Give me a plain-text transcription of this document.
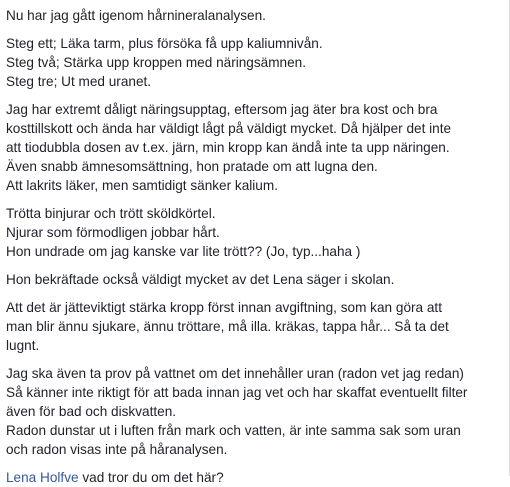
Nu har jag gått igenom hårnineralanalysen.

Steg ett; Läka tarm, plus försöka få upp kaliumnivån.
Steg två; Stärka upp kroppen med näringsämnen.
Steg tre; Ut med uranet.

Jag har extremt dåligt näringsupptag, eftersom jag äter bra kost och bra
kosttillskott och ända har väldigt lågt på väldigt mycket. Då hjälper det inte
att tiodubbla dosen av t.ex. järn, min kropp kan ändå inte ta upp näringen.
Även snabb ämnesomsättning, hon pratade om att lugna den.
Att lakrits läker, men samtidigt sänker kalium.

Trötta binjurar och trött sköldkörtel.
Njurar som förmodligen jobbar hårt.
Hon undrade om jag kanske var lite trött?? (Jo, typ...haha )

Hon bekräftade också väldigt mycket av det Lena säger i skolan.

Att det är jätteviktigt stärka kropp först innan avgiftning, som kan göra att
man blir ännu sjukare, ännu tröttare, må illa. kräkas, tappa hår... Så ta det
lugnt.

Jag ska även ta prov på vattnet om det innehåller uran (radon vet jag redan)
Så känner inte riktigt för att bada innan jag vet och har skaffat eventuellt filter
även för bad och diskvatten.
Radon dunstar ut i luften från mark och vatten, är inte samma sak som uran
och radon visas inte på håranalysen.

Lena Holfve vad tror du om det här?
